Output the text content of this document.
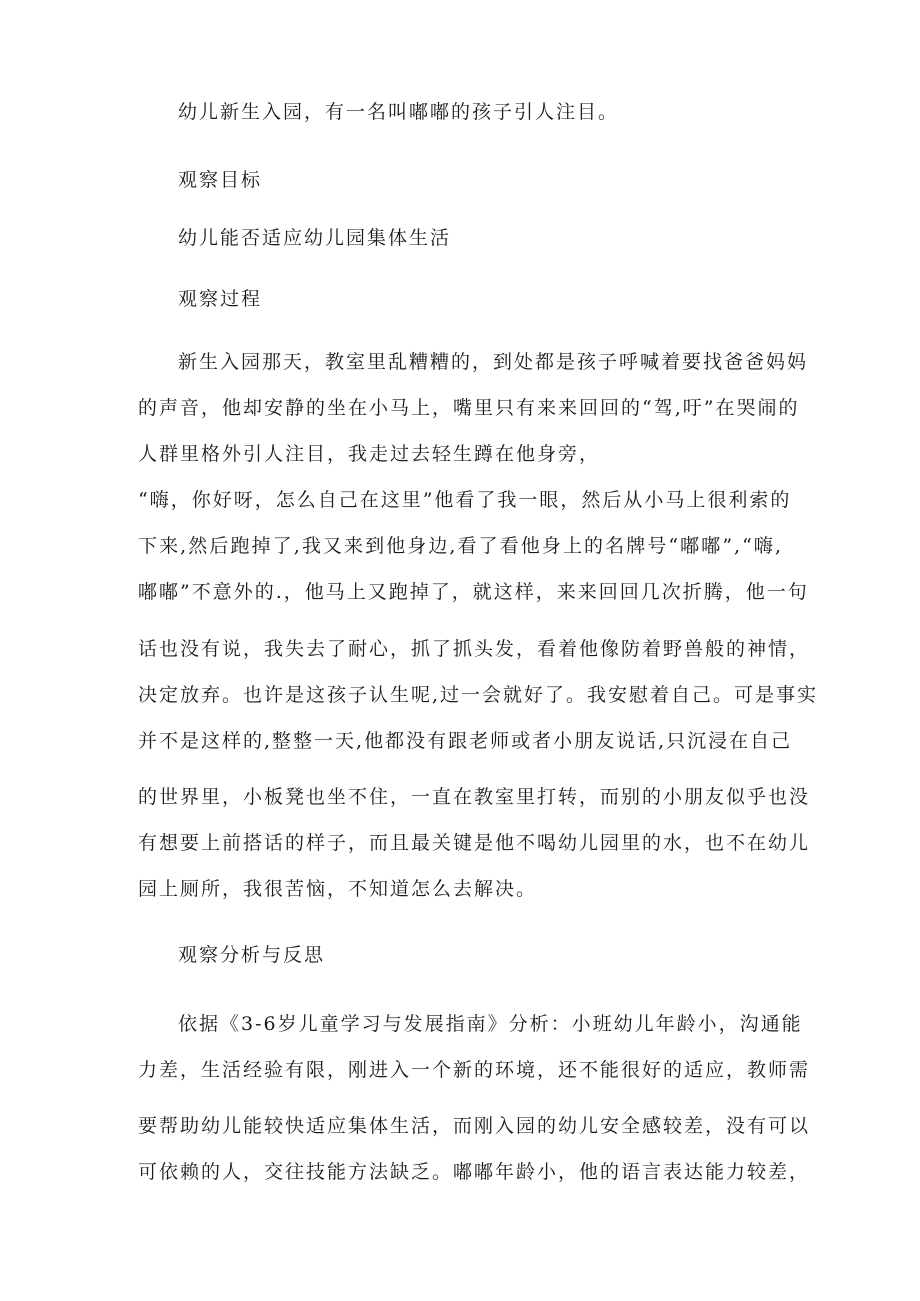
幼儿新生入园，有一名叫嘟嘟的孩子引人注目。

观察目标

幼儿能否适应幼儿园集体生活

观察过程

新生入园那天，教室里乱糟糟的，到处都是孩子呼喊着要找爸爸妈妈

的声音，他却安静的坐在小马上，嘴里只有来来回回的“驾,吁”在哭闹的

人群里格外引人注目，我走过去轻生蹲在他身旁，

“嗨，你好呀，怎么自己在这里”他看了我一眼，然后从小马上很利索的

下来,然后跑掉了,我又来到他身边,看了看他身上的名牌号“嘟嘟”,“嗨,

嘟嘟”不意外的.，他马上又跑掉了，就这样，来来回回几次折腾，他一句

话也没有说，我失去了耐心，抓了抓头发，看着他像防着野兽般的神情，

决定放弃。也许是这孩子认生呢,过一会就好了。我安慰着自己。可是事实

并不是这样的,整整一天,他都没有跟老师或者小朋友说话,只沉浸在自己

的世界里，小板凳也坐不住，一直在教室里打转，而别的小朋友似乎也没

有想要上前搭话的样子，而且最关键是他不喝幼儿园里的水，也不在幼儿

园上厕所，我很苦恼，不知道怎么去解决。

观察分析与反思

依据《3-6岁儿童学习与发展指南》分析：小班幼儿年龄小，沟通能

力差，生活经验有限，刚进入一个新的环境，还不能很好的适应，教师需

要帮助幼儿能较快适应集体生活，而刚入园的幼儿安全感较差，没有可以

可依赖的人，交往技能方法缺乏。嘟嘟年龄小，他的语言表达能力较差，
